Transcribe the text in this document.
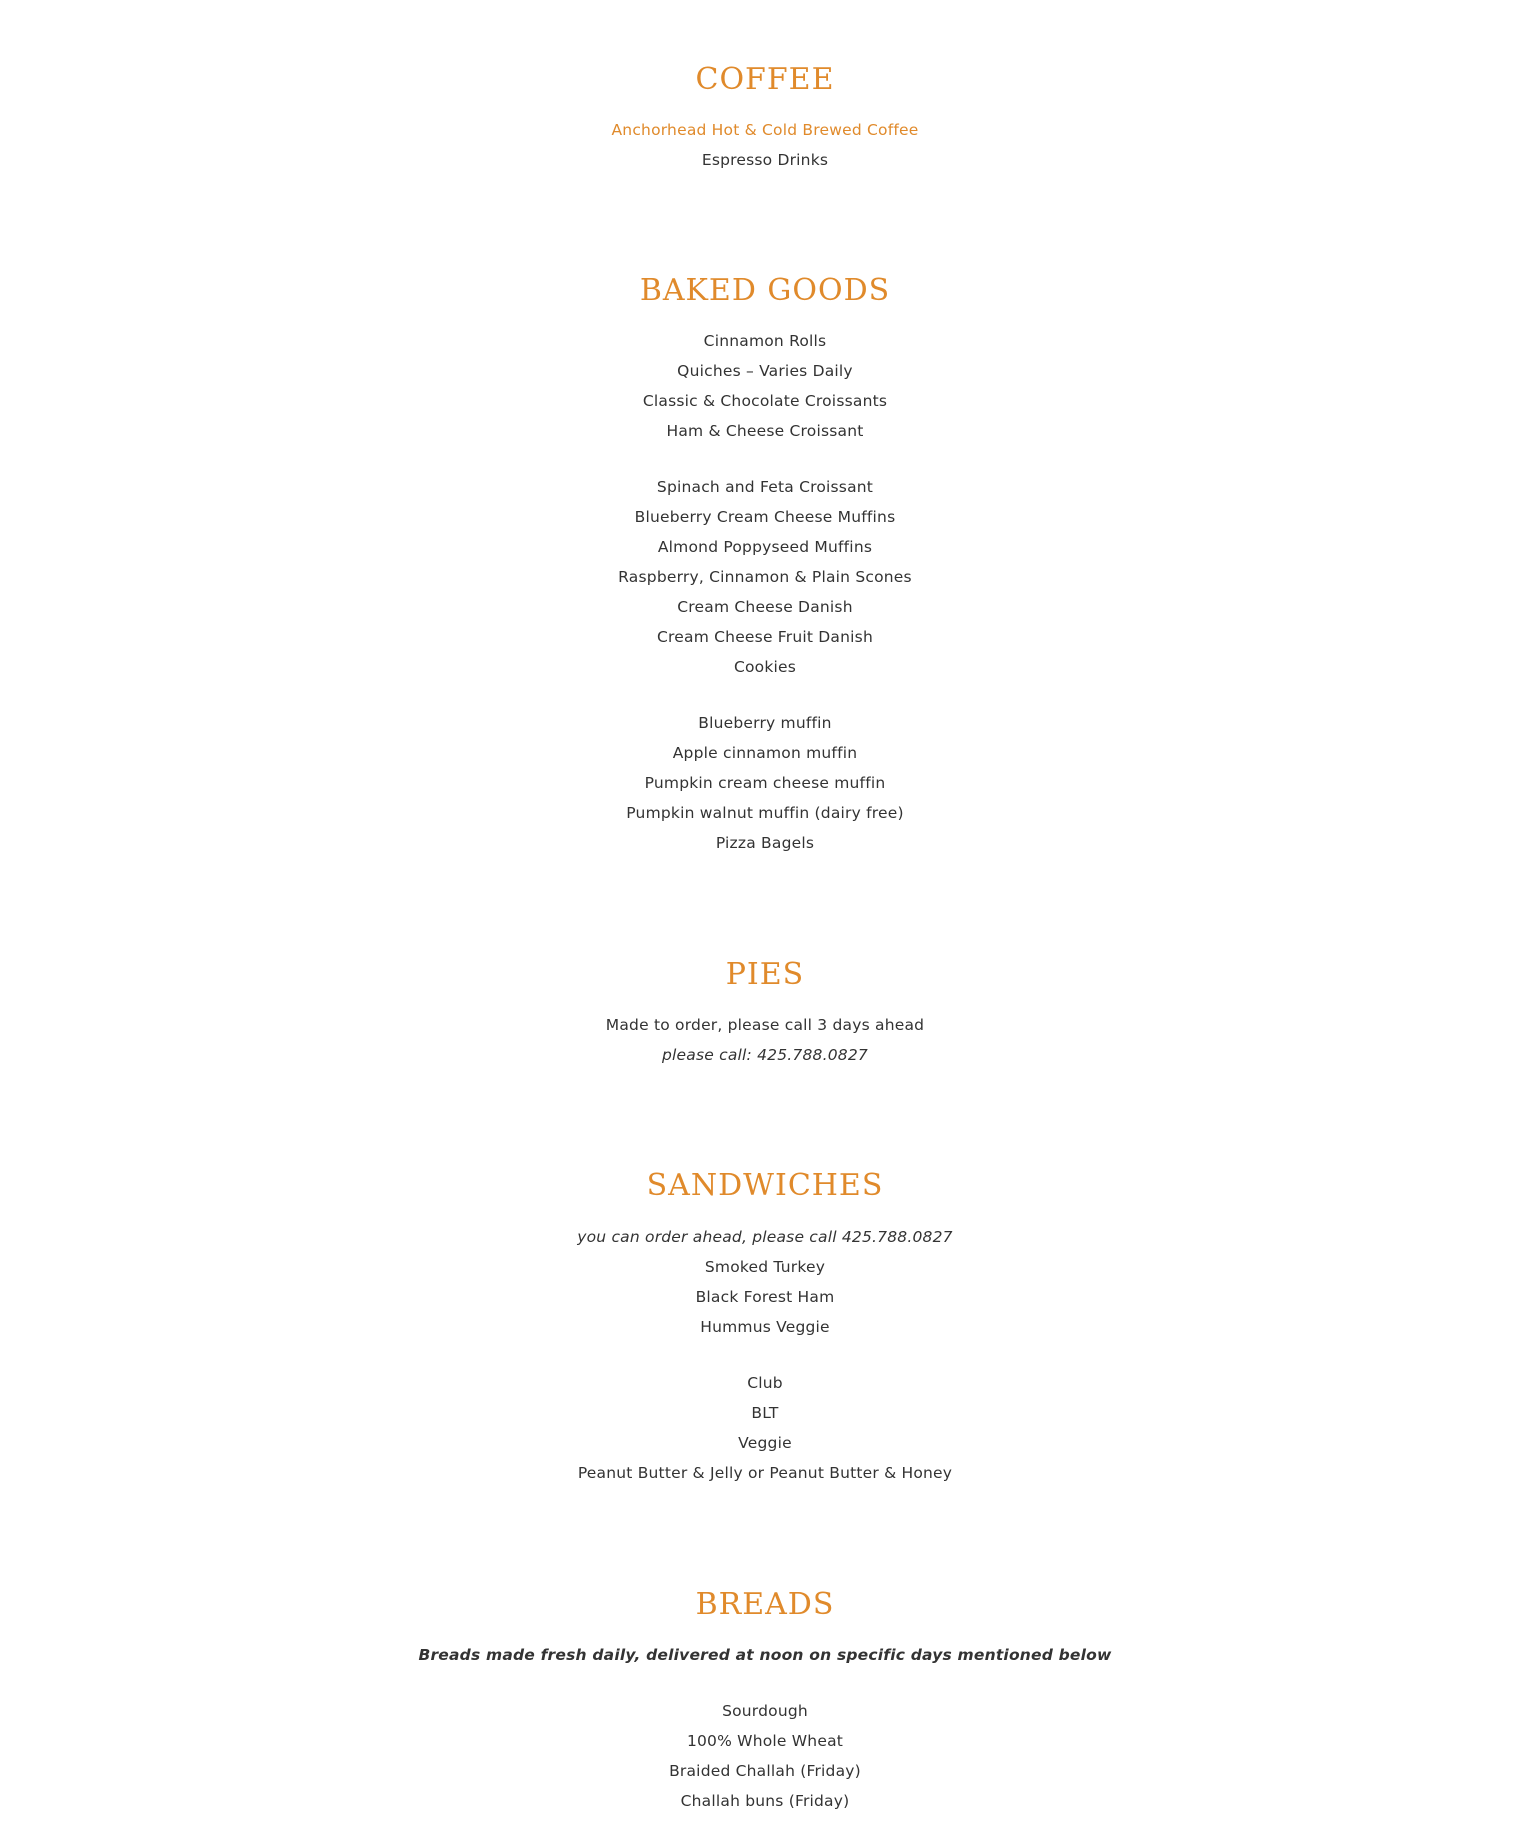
COFFEE
Anchorhead Hot & Cold Brewed Coffee
Espresso Drinks
BAKED GOODS
Cinnamon Rolls
Quiches – Varies Daily
Classic & Chocolate Croissants
Ham & Cheese Croissant
Spinach and Feta Croissant
Blueberry Cream Cheese Muffins
Almond Poppyseed Muffins
Raspberry, Cinnamon & Plain Scones
Cream Cheese Danish
Cream Cheese Fruit Danish
Cookies
Blueberry muffin
Apple cinnamon muffin
Pumpkin cream cheese muffin
Pumpkin walnut muffin (dairy free)
Pizza Bagels
PIES
Made to order, please call 3 days ahead
please call: 425.788.0827
SANDWICHES
you can order ahead, please call 425.788.0827
Smoked Turkey
Black Forest Ham
Hummus Veggie
Club
BLT
Veggie
Peanut Butter & Jelly or Peanut Butter & Honey
BREADS
Breads made fresh daily, delivered at noon on specific days mentioned below
Sourdough
100% Whole Wheat
Braided Challah (Friday)
Challah buns (Friday)
